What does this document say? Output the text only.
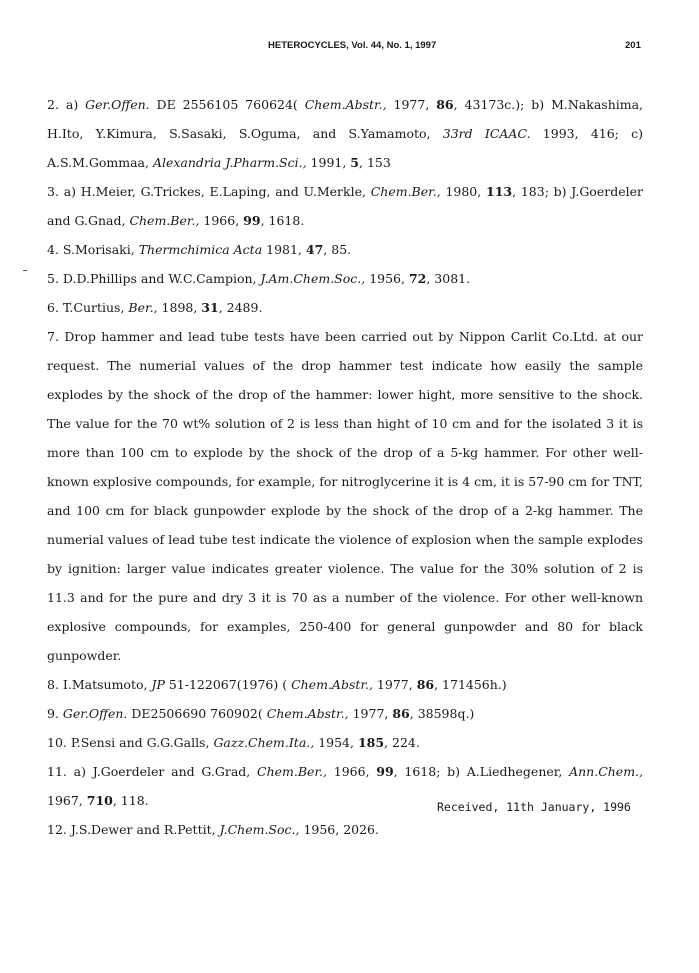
HETEROCYCLES, Vol. 44, No. 1, 1997	201
2. a) Ger.Offen. DE 2556105 760624( Chem.Abstr., 1977, 86, 43173c.); b) M.Nakashima, H.Ito, Y.Kimura, S.Sasaki, S.Oguma, and S.Yamamoto, 33rd ICAAC. 1993, 416; c) A.S.M.Gommaa, Alexandria J.Pharm.Sci., 1991, 5, 153
3. a) H.Meier, G.Trickes, E.Laping, and U.Merkle, Chem.Ber., 1980, 113, 183; b) J.Goerdeler and G.Gnad, Chem.Ber., 1966, 99, 1618.
4. S.Morisaki, Thermchimica Acta 1981, 47, 85.
5. D.D.Phillips and W.C.Campion, J.Am.Chem.Soc., 1956, 72, 3081.
6. T.Curtius, Ber., 1898, 31, 2489.
7. Drop hammer and lead tube tests have been carried out by Nippon Carlit Co.Ltd. at our request. The numerial values of the drop hammer test indicate how easily the sample explodes by the shock of the drop of the hammer: lower hight, more sensitive to the shock. The value for the 70 wt% solution of 2 is less than hight of 10 cm and for the isolated 3 it is more than 100 cm to explode by the shock of the drop of a 5-kg hammer. For other well-known explosive compounds, for example, for nitroglycerine it is 4 cm, it is 57-90 cm for TNT, and 100 cm for black gunpowder explode by the shock of the drop of a 2-kg hammer. The numerial values of lead tube test indicate the violence of explosion when the sample explodes by ignition: larger value indicates greater violence. The value for the 30% solution of 2 is 11.3 and for the pure and dry 3 it is 70 as a number of the violence. For other well-known explosive compounds, for examples, 250-400 for general gunpowder and 80 for black gunpowder.
8. I.Matsumoto, JP 51-122067(1976) ( Chem.Abstr., 1977, 86, 171456h.)
9. Ger.Offen. DE2506690 760902( Chem.Abstr., 1977, 86, 38598q.)
10. P.Sensi and G.G.Galls, Gazz.Chem.Ita., 1954, 185, 224.
11. a) J.Goerdeler and G.Grad, Chem.Ber., 1966, 99, 1618; b) A.Liedhegener, Ann.Chem., 1967, 710, 118.
12. J.S.Dewer and R.Pettit, J.Chem.Soc., 1956, 2026.
Received, 11th January, 1996
